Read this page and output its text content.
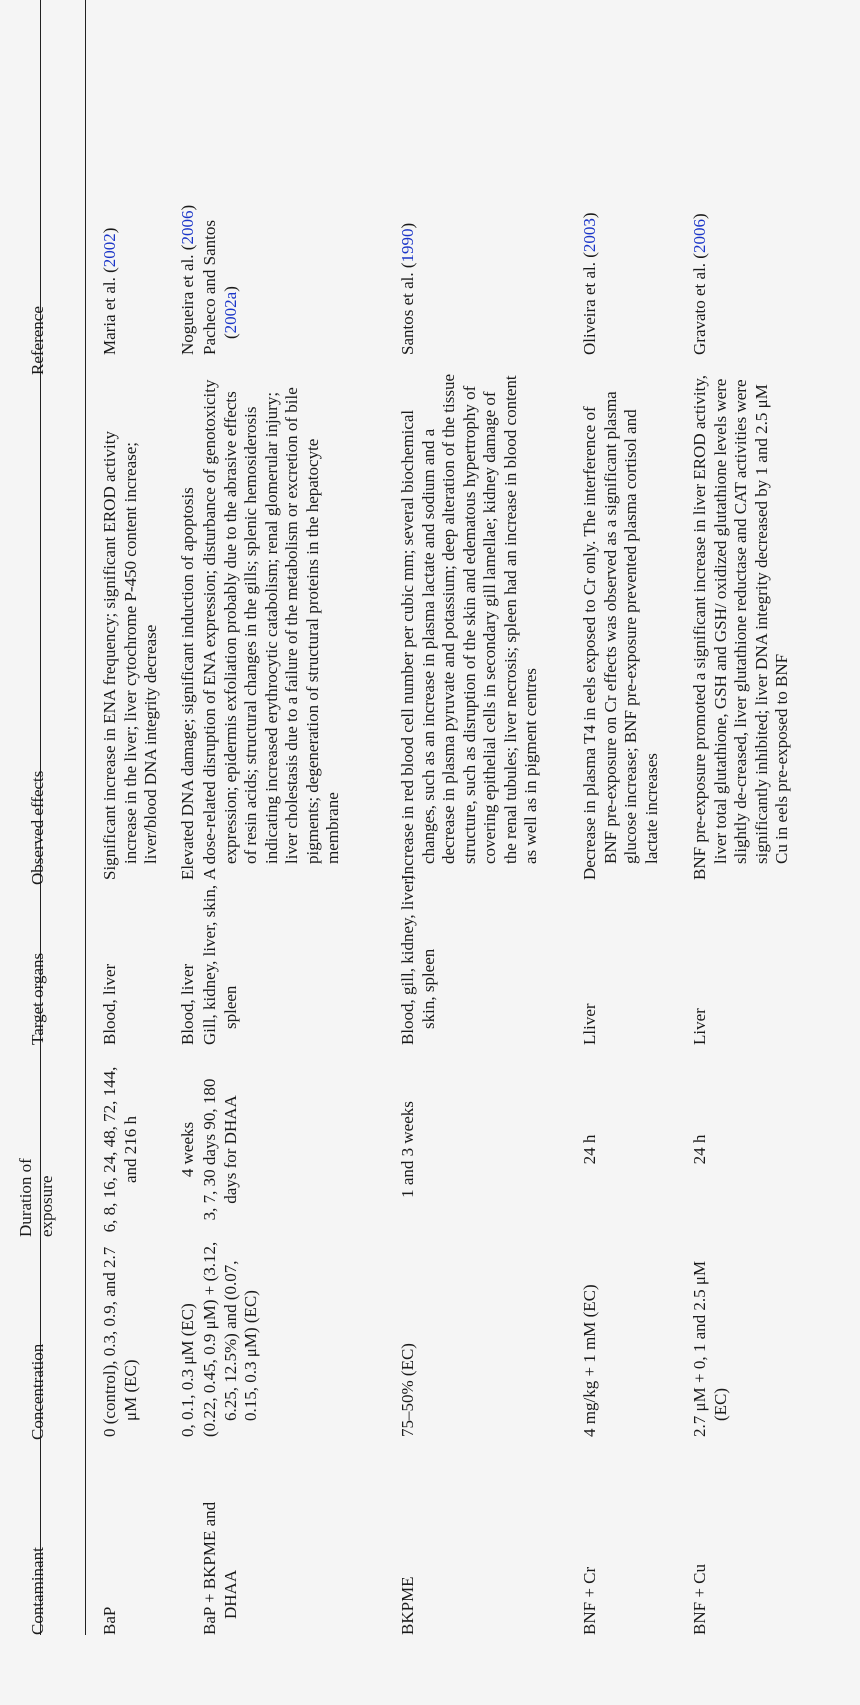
Contaminant
Concentration
Duration of exposure
Target organs
Observed effects
Reference
BaP
0 (control), 0.3, 0.9, and 2.7 μM (EC)
6, 8, 16, 24, 48, 72, 144, and 216 h
Blood, liver
Significant increase in ENA frequency; significant EROD activity increase in the liver; liver cytochrome P-450 content increase; liver/blood DNA integrity decrease
Maria et al. (2002)
0, 0.1, 0.3 μM (EC)
4 weeks
Blood, liver
Elevated DNA damage; significant induction of apoptosis
Nogueira et al. (2006)
BaP + BKPME and DHAA
(0.22, 0.45, 0.9 μM) + (3.12, 6.25, 12.5%) and (0.07, 0.15, 0.3 μM) (EC)
3, 7, 30 days 90, 180 days for DHAA
Gill, kidney, liver, skin, spleen
A dose-related disruption of ENA expression; disturbance of genotoxicity expression; epidermis exfoliation probably due to the abrasive effects of resin acids; structural changes in the gills; splenic hemosiderosis indicating increased erythrocytic catabolism; renal glomerular injury; liver cholestasis due to a failure of the metabolism or excretion of bile pigments; degeneration of structural proteins in the hepatocyte membrane
Pacheco and Santos (2002a)
BKPME
75–50% (EC)
1 and 3 weeks
Blood, gill, kidney, liver, skin, spleen
Increase in red blood cell number per cubic mm; several biochemical changes, such as an increase in plasma lactate and sodium and a decrease in plasma pyruvate and potassium; deep alteration of the tissue structure, such as disruption of the skin and edematous hypertrophy of covering epithelial cells in secondary gill lamellae; kidney damage of the renal tubules; liver necrosis; spleen had an increase in blood content as well as in pigment centres
Santos et al. (1990)
BNF + Cr
4 mg/kg + 1 mM (EC)
24 h
Lliver
Decrease in plasma T4 in eels exposed to Cr only. The interference of BNF pre-exposure on Cr effects was observed as a significant plasma glucose increase; BNF pre-exposure prevented plasma cortisol and lactate increases
Oliveira et al. (2003)
BNF + Cu
2.7 μM + 0, 1 and 2.5 μM (EC)
24 h
Liver
BNF pre-exposure promoted a significant increase in liver EROD activity, liver total glutathione, GSH and GSH/ oxidized glutathione levels were slightly de-creased, liver glutathione reductase and CAT activities were significantly inhibited; liver DNA integrity decreased by 1 and 2.5 μM Cu in eels pre-exposed to BNF
Gravato et al. (2006)
